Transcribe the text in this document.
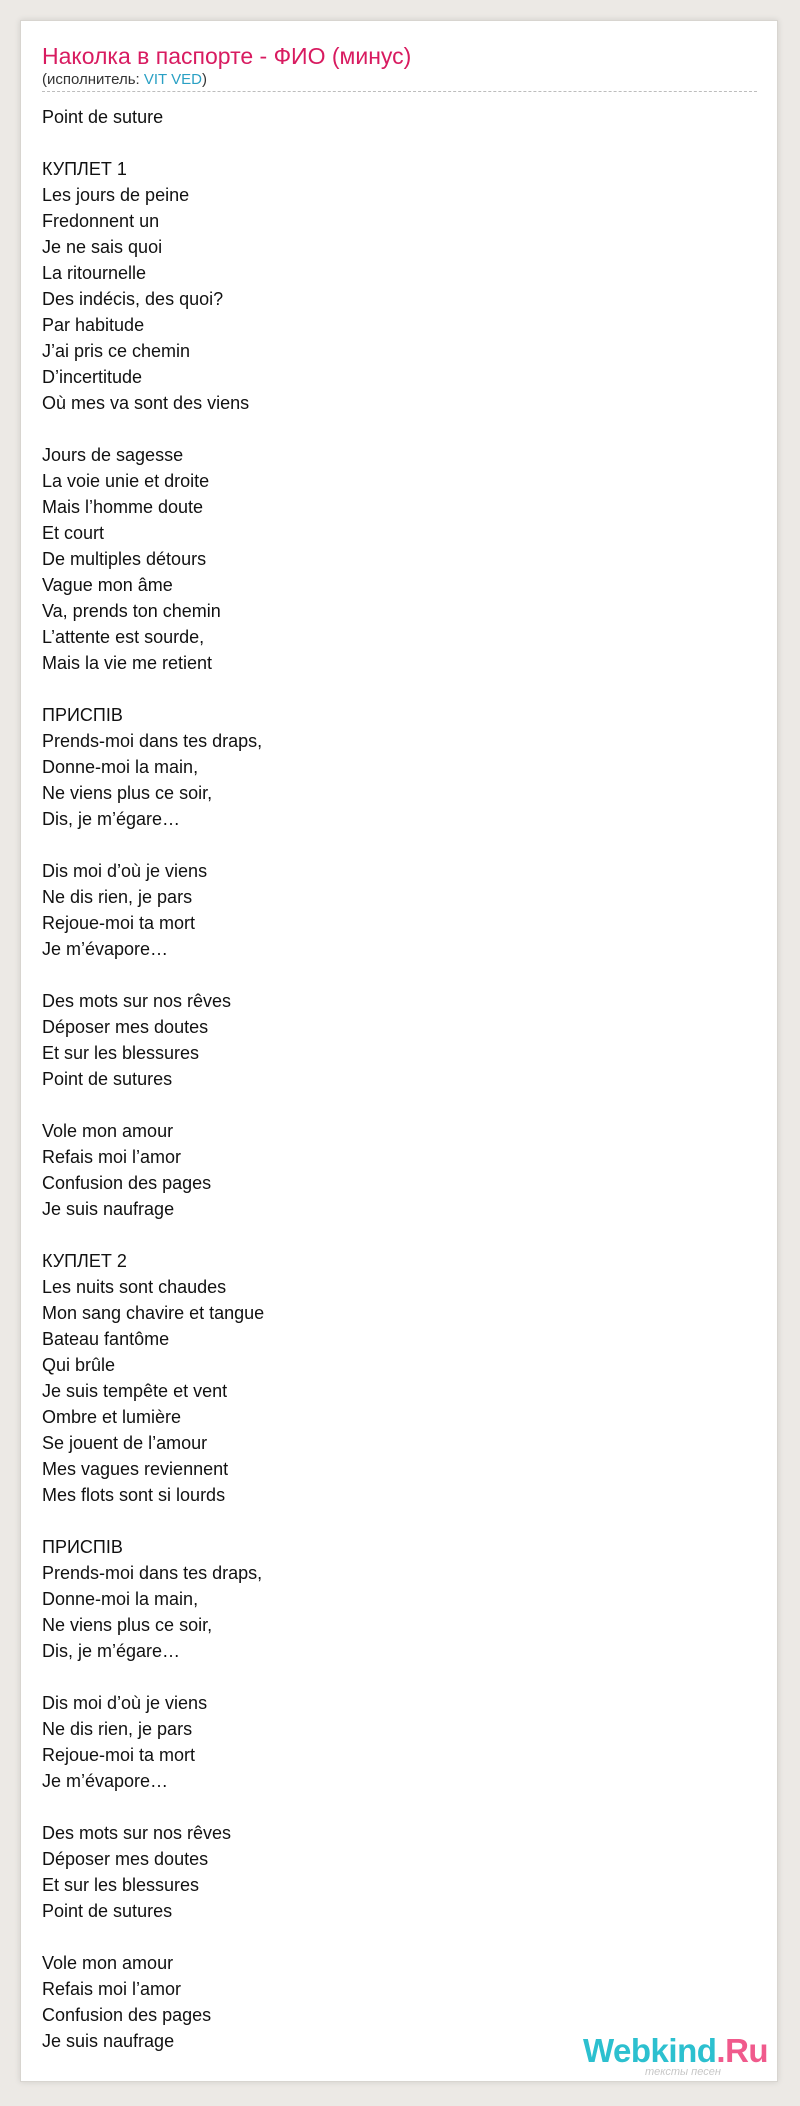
Наколка в паспорте - ФИО (минус)
(исполнитель: VIT VED)
Point de suture
КУПЛЕТ 1
Les jours de peine
Fredonnent un
Je ne sais quoi
La ritournelle
Des indécis, des quoi?
Par habitude
J’ai pris ce chemin
D’incertitude
Où mes va sont des viens
Jours de sagesse
La voie unie et droite
Mais l’homme doute
Et court
De multiples détours
Vague mon âme
Va, prends ton chemin
L’attente est sourde,
Mais la vie me retient
ПРИСПІВ
Prends-moi dans tes draps,
Donne-moi la main,
Ne viens plus ce soir,
Dis, je m’égare…
Dis moi d’où je viens
Ne dis rien, je pars
Rejoue-moi ta mort
Je m’évapore…
Des mots sur nos rêves
Déposer mes doutes
Et sur les blessures
Point de sutures
Vole mon amour
Refais moi l’amor
Confusion des pages
Je suis naufrage
КУПЛЕТ 2
Les nuits sont chaudes
Mon sang chavire et tangue
Bateau fantôme
Qui brûle
Je suis tempête et vent
Ombre et lumière
Se jouent de l’amour
Mes vagues reviennent
Mes flots sont si lourds
ПРИСПІВ
Prends-moi dans tes draps,
Donne-moi la main,
Ne viens plus ce soir,
Dis, je m’égare…
Dis moi d’où je viens
Ne dis rien, je pars
Rejoue-moi ta mort
Je m’évapore…
Des mots sur nos rêves
Déposer mes doutes
Et sur les blessures
Point de sutures
Vole mon amour
Refais moi l’amor
Confusion des pages
Je suis naufrage	Webkind.Ru
тексты песен
